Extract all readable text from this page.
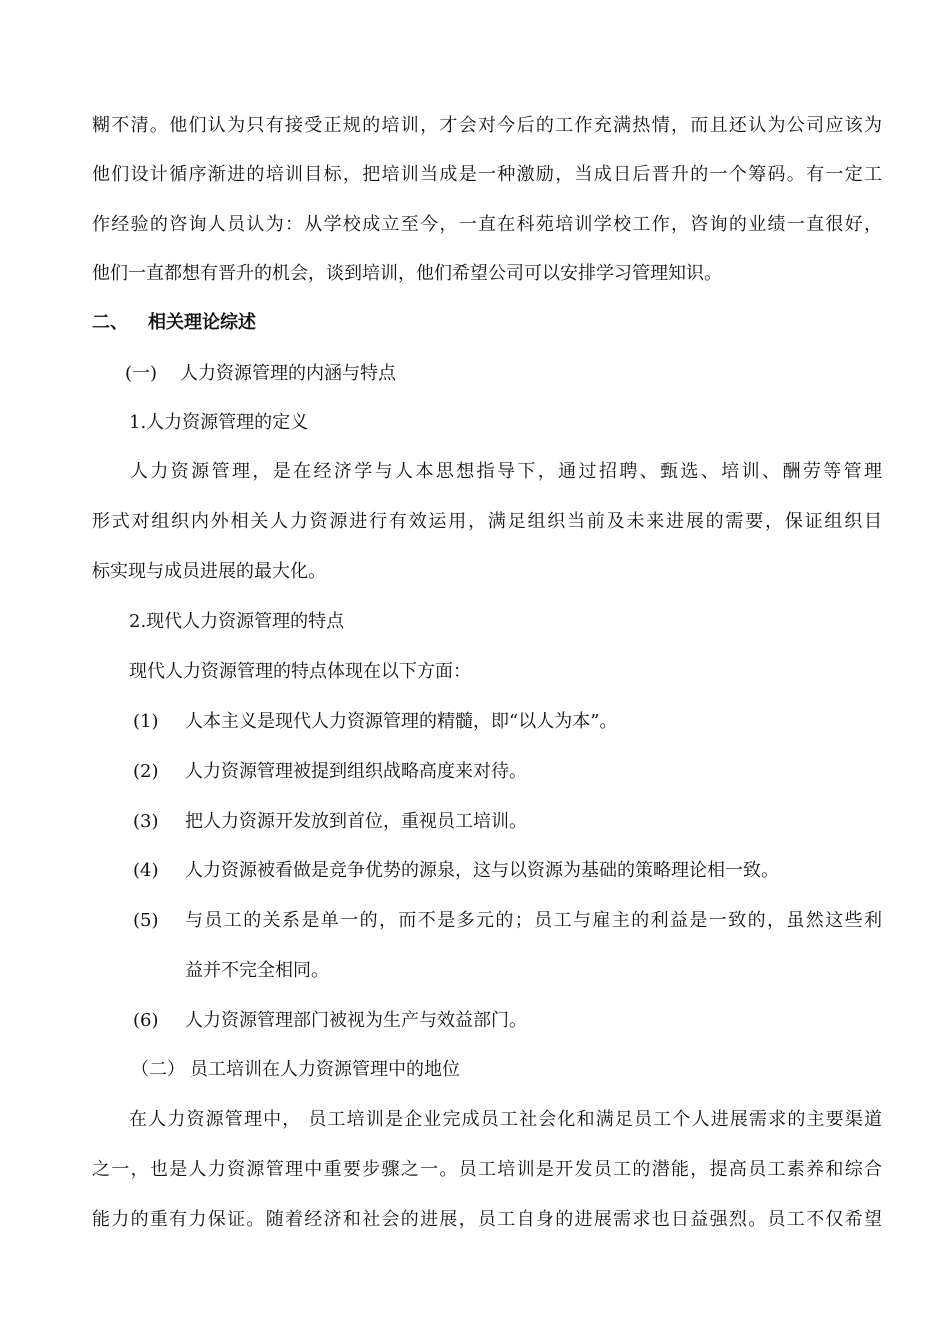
糊不清。他们认为只有接受正规的培训，才会对今后的工作充满热情，而且还认为公司应该为
他们设计循序渐进的培训目标，把培训当成是一种激励，当成日后晋升的一个筹码。有一定工
作经验的咨询人员认为：从学校成立至今，一直在科苑培训学校工作，咨询的业绩一直很好，
他们一直都想有晋升的机会，谈到培训，他们希望公司可以安排学习管理知识。
二、 相关理论综述
(一) 人力资源管理的内涵与特点
1.人力资源管理的定义
人力资源管理，是在经济学与人本思想指导下，通过招聘、甄选、培训、酬劳等管理
形式对组织内外相关人力资源进行有效运用，满足组织当前及未来进展的需要，保证组织目
标实现与成员进展的最大化。
2.现代人力资源管理的特点
现代人力资源管理的特点体现在以下方面：
(1) 人本主义是现代人力资源管理的精髓，即“以人为本”。
(2) 人力资源管理被提到组织战略高度来对待。
(3) 把人力资源开发放到首位，重视员工培训。
(4) 人力资源被看做是竞争优势的源泉，这与以资源为基础的策略理论相一致。
(5) 与员工的关系是单一的，而不是多元的；员工与雇主的利益是一致的，虽然这些利
益并不完全相同。
(6) 人力资源管理部门被视为生产与效益部门。
（二） 员工培训在人力资源管理中的地位
在人力资源管理中， 员工培训是企业完成员工社会化和满足员工个人进展需求的主要渠道
之一，也是人力资源管理中重要步骤之一。员工培训是开发员工的潜能，提高员工素养和综合
能力的重有力保证。随着经济和社会的进展，员工自身的进展需求也日益强烈。员工不仅希望
